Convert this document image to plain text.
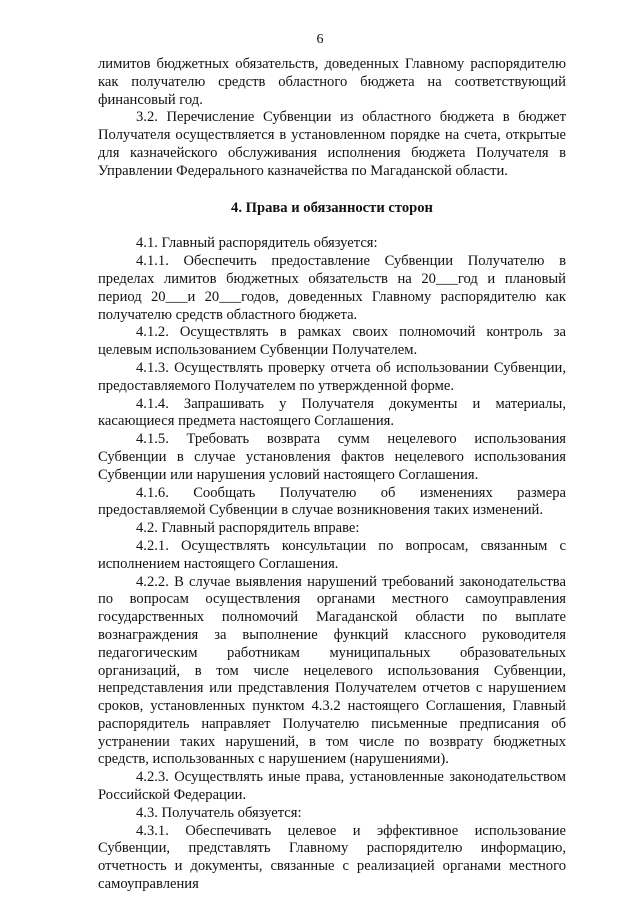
6

лимитов бюджетных обязательств, доведенных Главному распорядителю как получателю средств областного бюджета на соответствующий финансовый год.

3.2. Перечисление Субвенции из областного бюджета в бюджет Получателя осуществляется в установленном порядке на счета, открытые для казначейского обслуживания исполнения бюджета Получателя в Управлении Федерального казначейства по Магаданской области.

4. Права и обязанности сторон

4.1. Главный распорядитель обязуется:

4.1.1. Обеспечить предоставление Субвенции Получателю в пределах лимитов бюджетных обязательств на 20___год и плановый период 20___и 20___годов, доведенных Главному распорядителю как получателю средств областного бюджета.

4.1.2. Осуществлять в рамках своих полномочий контроль за целевым использованием Субвенции Получателем.

4.1.3. Осуществлять проверку отчета об использовании Субвенции, предоставляемого Получателем по утвержденной форме.

4.1.4. Запрашивать у Получателя документы и материалы, касающиеся предмета настоящего Соглашения.

4.1.5. Требовать возврата сумм нецелевого использования Субвенции в случае установления фактов нецелевого использования Субвенции или нарушения условий настоящего Соглашения.

4.1.6. Сообщать Получателю об изменениях размера предоставляемой Субвенции в случае возникновения таких изменений.

4.2. Главный распорядитель вправе:

4.2.1. Осуществлять консультации по вопросам, связанным с исполнением настоящего Соглашения.

4.2.2. В случае выявления нарушений требований законодательства по вопросам осуществления органами местного самоуправления государственных полномочий Магаданской области по выплате вознаграждения за выполнение функций классного руководителя педагогическим работникам муниципальных образовательных организаций, в том числе нецелевого использования Субвенции, непредставления или представления Получателем отчетов с нарушением сроков, установленных пунктом 4.3.2 настоящего Соглашения, Главный распорядитель направляет Получателю письменные предписания об устранении таких нарушений, в том числе по возврату бюджетных средств, использованных с нарушением (нарушениями).

4.2.3. Осуществлять иные права, установленные законодательством Российской Федерации.

4.3. Получатель обязуется:

4.3.1. Обеспечивать целевое и эффективное использование Субвенции, представлять Главному распорядителю информацию, отчетность и документы, связанные с реализацией органами местного самоуправления
